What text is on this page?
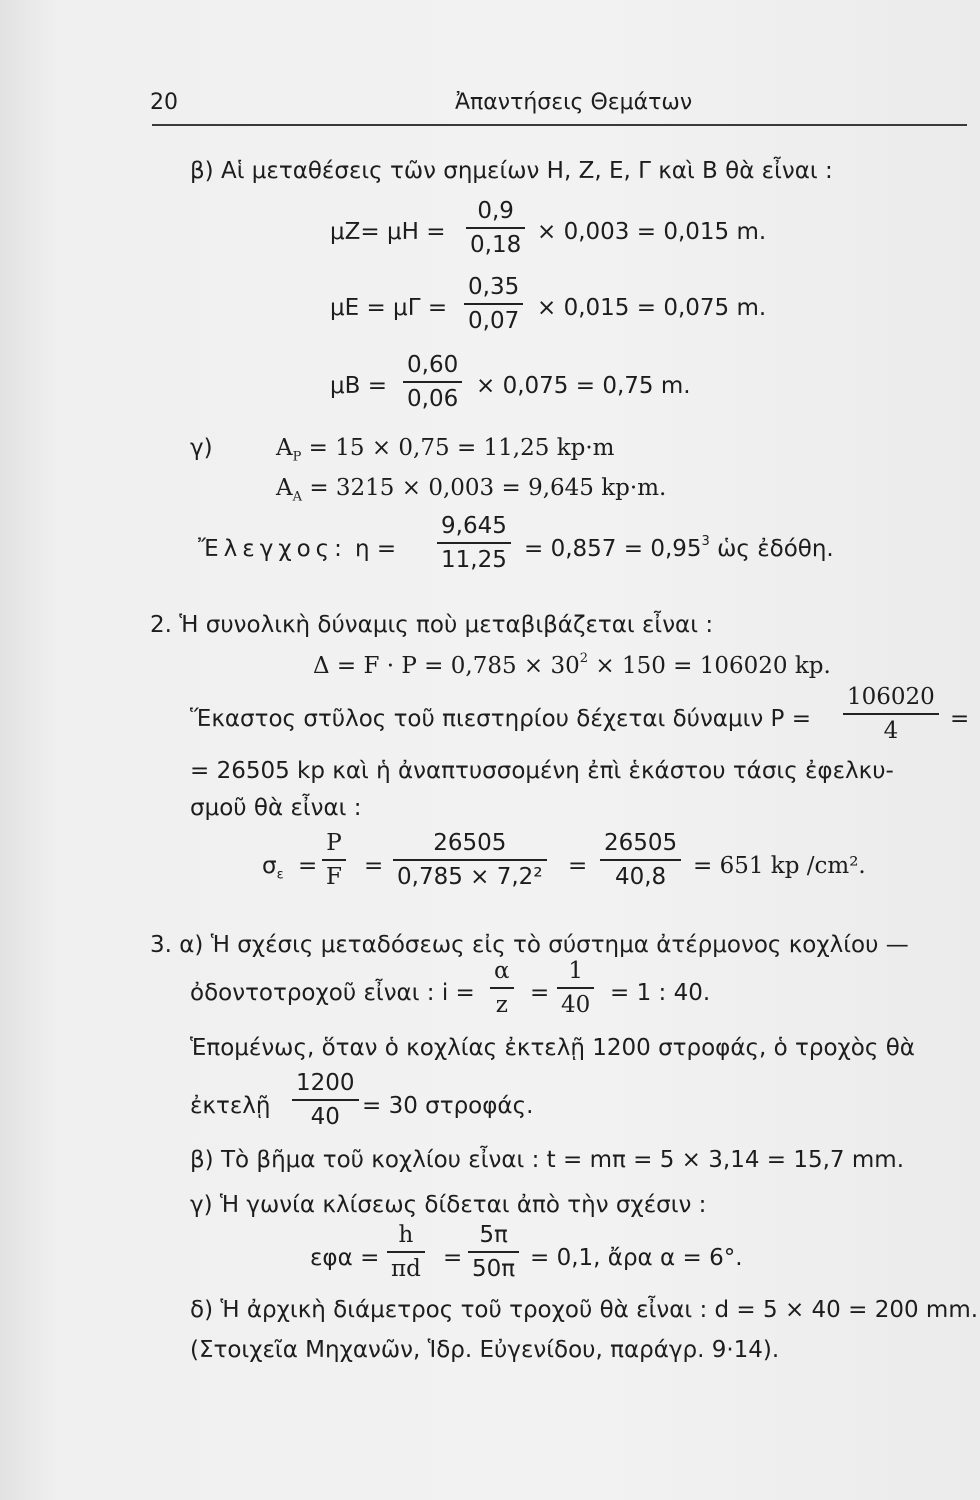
20	Ἀπαντήσεις Θεμάτων
β) Αἱ μεταθέσεις τῶν σημείων Η, Ζ, Ε, Γ καὶ Β θὰ εἶναι :
μΖ= μΗ =
0,9
0,18 × 0,003 = 0,015 m.
μΕ = μΓ =
0,35
0,07 × 0,015 = 0,075 m.
μΒ =
0,60
0,06 × 0,075 = 0,75 m.
γ)	$A_P = 15 \times 0,75 = 11,25$ kp·m
$A_A = 3215 \times 0,003 = 9,645$ kp·m.
Ἔλεγχος: η =
9,645
$11,25 = 0,857 = 0,95^3$ ὡς ἐδόθη.
2. Ἡ συνολικὴ δύναμις ποὺ μεταβιβάζεται εἶναι :
$\Delta = F \cdot P = 0,785 \times 30^2 \times 150 = 106020$ kp.
Ἕκαστος στῦλος τοῦ πιεστηρίου δέχεται δύναμιν P =
106020
4 =
= 26505 kp καὶ ἡ ἀναπτυσσομένη ἐπὶ ἑκάστου τάσις ἐφελκυ-
σμοῦ θὰ εἶναι :
$\sigma_\varepsilon$ =
P
F =
26505
0,785 × 7,2² =
26505
40,8 = 651 kp /cm².
3. α) Ἡ σχέσις μεταδόσεως εἰς τὸ σύστημα ἀτέρμονος κοχλίου —
ὀδοντοτροχοῦ εἶναι : i =
α
z =
1
40 = 1 : 40.
Ἑπομένως, ὅταν ὁ κοχλίας ἐκτελῇ 1200 στροφάς, ὁ τροχὸς θὰ
ἐκτελῇ
1200
40 = 30 στροφάς.
β) Τὸ βῆμα τοῦ κοχλίου εἶναι : t = mπ = 5 × 3,14 = 15,7 mm.
γ) Ἡ γωνία κλίσεως δίδεται ἀπὸ τὴν σχέσιν :
εφα =
h
πd =
5π
50π = 0,1, ἄρα α = 6°.
δ) Ἡ ἀρχικὴ διάμετρος τοῦ τροχοῦ θὰ εἶναι : d = 5 × 40 = 200 mm.
(Στοιχεῖα Μηχανῶν, Ἱδρ. Εὐγενίδου, παράγρ. 9·14).
